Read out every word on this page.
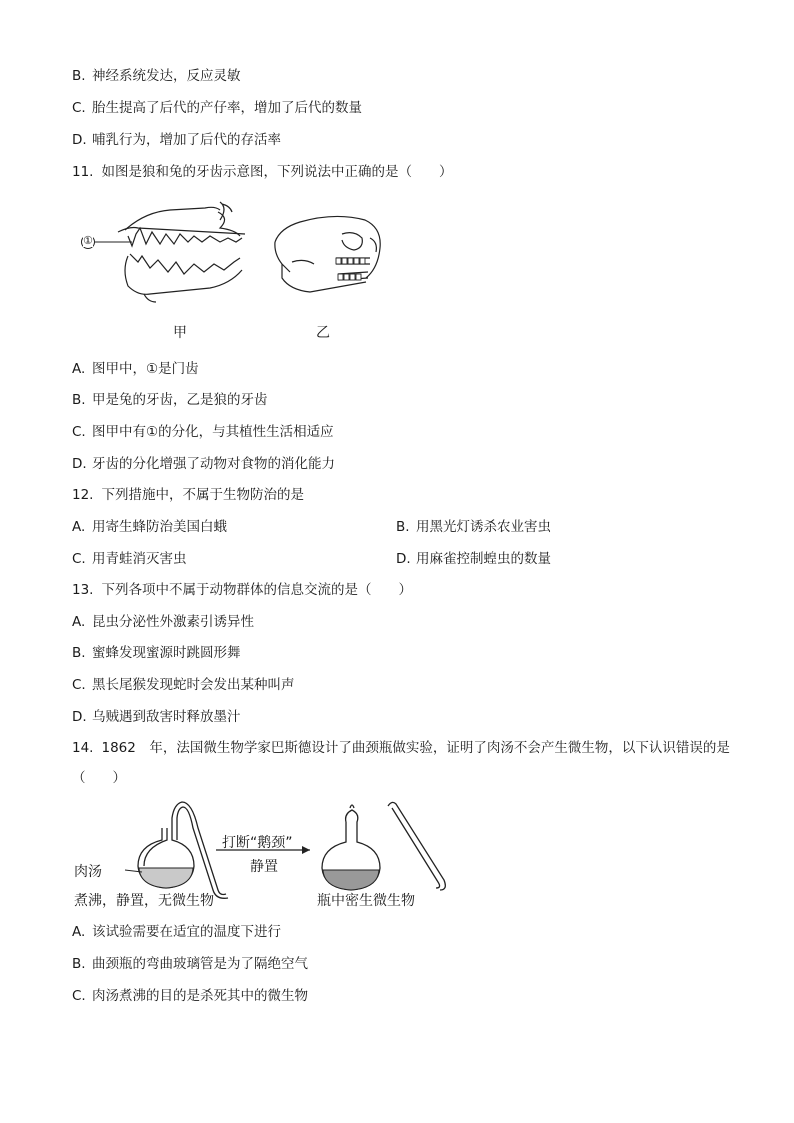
B. 神经系统发达，反应灵敏
C. 胎生提高了后代的产仔率，增加了后代的数量
D. 哺乳行为，增加了后代的存活率
11. 如图是狼和兔的牙齿示意图，下列说法中正确的是（　　）
①
甲	乙
A. 图甲中，①是门齿
B. 甲是兔的牙齿，乙是狼的牙齿
C. 图甲中有①的分化，与其植性生活相适应
D. 牙齿的分化增强了动物对食物的消化能力
12. 下列措施中，不属于生物防治的是
A. 用寄生蜂防治美国白蛾	B. 用黑光灯诱杀农业害虫
C. 用青蛙消灭害虫	D. 用麻雀控制蝗虫的数量
13. 下列各项中不属于动物群体的信息交流的是（　　）
A. 昆虫分泌性外激素引诱异性
B. 蜜蜂发现蜜源时跳圆形舞
C. 黑长尾猴发现蛇时会发出某种叫声
D. 乌贼遇到敌害时释放墨汁
14. 1862　年，法国微生物学家巴斯德设计了曲颈瓶做实验，证明了肉汤不会产生微生物，以下认识错误的是
（　　）
肉汤
打断“鹅颈”
静置
煮沸，静置，无微生物	瓶中密生微生物
A. 该试验需要在适宜的温度下进行
B. 曲颈瓶的弯曲玻璃管是为了隔绝空气
C. 肉汤煮沸的目的是杀死其中的微生物
